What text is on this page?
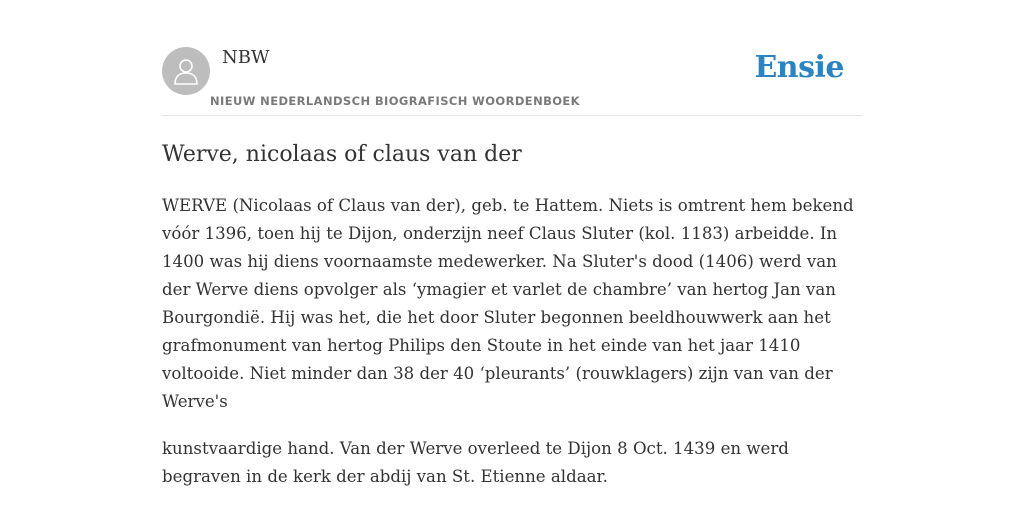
NBW
NIEUW NEDERLANDSCH BIOGRAFISCH WOORDENBOEK
Ensie
Werve, nicolaas of claus van der

WERVE (Nicolaas of Claus van der), geb. te Hattem. Niets is omtrent hem bekend vóór 1396, toen hij te Dijon, onderzijn neef Claus Sluter (kol. 1183) arbeidde. In 1400 was hij diens voornaamste medewerker. Na Sluter's dood (1406) werd van der Werve diens opvolger als ‘ymagier et varlet de chambre’ van hertog Jan van Bourgondië. Hij was het, die het door Sluter begonnen beeldhouwwerk aan het grafmonument van hertog Philips den Stoute in het einde van het jaar 1410 voltooide. Niet minder dan 38 der 40 ‘pleurants’ (rouwklagers) zijn van van der Werve's

kunstvaardige hand. Van der Werve overleed te Dijon 8 Oct. 1439 en werd begraven in de kerk der abdij van St. Etienne aldaar.
